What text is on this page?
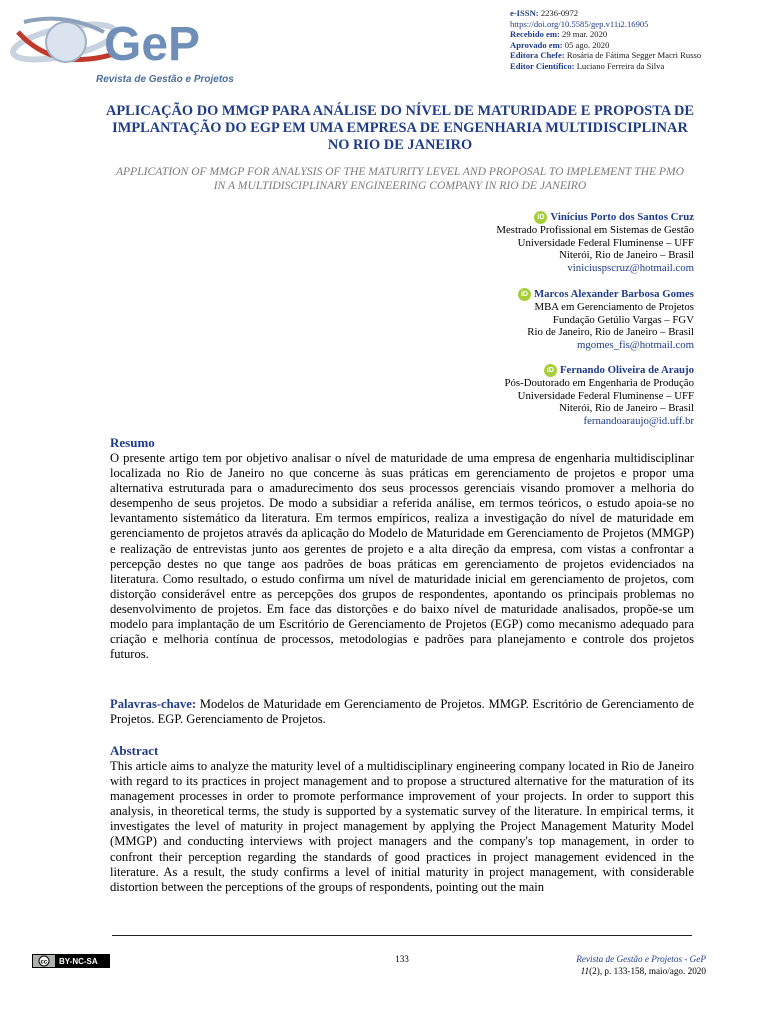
GeP
Revista de Gestão e Projetos
e-ISSN: 2236-0972
https://doi.org/10.5585/gep.v11i2.16905
Recebido em: 29 mar. 2020
Aprovado em: 05 ago. 2020
Editora Chefe: Rosária de Fátima Segger Macri Russo
Editor Científico: Luciano Ferreira da Silva
APLICAÇÃO DO MMGP PARA ANÁLISE DO NÍVEL DE MATURIDADE E PROPOSTA DE IMPLANTAÇÃO DO EGP EM UMA EMPRESA DE ENGENHARIA MULTIDISCIPLINAR NO RIO DE JANEIRO
APPLICATION OF MMGP FOR ANALYSIS OF THE MATURITY LEVEL AND PROPOSAL TO IMPLEMENT THE PMO IN A MULTIDISCIPLINARY ENGINEERING COMPANY IN RIO DE JANEIRO
iD Vinícius Porto dos Santos Cruz
Mestrado Profissional em Sistemas de Gestão
Universidade Federal Fluminense – UFF
Niterói, Rio de Janeiro – Brasil
viniciuspscruz@hotmail.com
iD Marcos Alexander Barbosa Gomes
MBA em Gerenciamento de Projetos
Fundação Getúlio Vargas – FGV
Rio de Janeiro, Rio de Janeiro – Brasil
mgomes_fis@hotmail.com
iD Fernando Oliveira de Araujo
Pós-Doutorado em Engenharia de Produção
Universidade Federal Fluminense – UFF
Niterói, Rio de Janeiro – Brasil
fernandoaraujo@id.uff.br
Resumo
O presente artigo tem por objetivo analisar o nível de maturidade de uma empresa de engenharia multidisciplinar localizada no Rio de Janeiro no que concerne às suas práticas em gerenciamento de projetos e propor uma alternativa estruturada para o amadurecimento dos seus processos gerenciais visando promover a melhoria do desempenho de seus projetos. De modo a subsidiar a referida análise, em termos teóricos, o estudo apoia-se no levantamento sistemático da literatura. Em termos empíricos, realiza a investigação do nível de maturidade em gerenciamento de projetos através da aplicação do Modelo de Maturidade em Gerenciamento de Projetos (MMGP) e realização de entrevistas junto aos gerentes de projeto e a alta direção da empresa, com vistas a confrontar a percepção destes no que tange aos padrões de boas práticas em gerenciamento de projetos evidenciados na literatura. Como resultado, o estudo confirma um nível de maturidade inicial em gerenciamento de projetos, com distorção considerável entre as percepções dos grupos de respondentes, apontando os principais problemas no desenvolvimento de projetos. Em face das distorções e do baixo nível de maturidade analisados, propõe-se um modelo para implantação de um Escritório de Gerenciamento de Projetos (EGP) como mecanismo adequado para criação e melhoria contínua de processos, metodologias e padrões para planejamento e controle dos projetos futuros.
Palavras-chave: Modelos de Maturidade em Gerenciamento de Projetos. MMGP. Escritório de Gerenciamento de Projetos. EGP. Gerenciamento de Projetos.
Abstract
This article aims to analyze the maturity level of a multidisciplinary engineering company located in Rio de Janeiro with regard to its practices in project management and to propose a structured alternative for the maturation of its management processes in order to promote performance improvement of your projects. In order to support this analysis, in theoretical terms, the study is supported by a systematic survey of the literature. In empirical terms, it investigates the level of maturity in project management by applying the Project Management Maturity Model (MMGP) and conducting interviews with project managers and the company's top management, in order to confront their perception regarding the standards of good practices in project management evidenced in the literature. As a result, the study confirms a level of initial maturity in project management, with considerable distortion between the perceptions of the groups of respondents, pointing out the main
cc BY-NC-SA	133	Revista de Gestão e Projetos - GeP
11(2), p. 133-158, maio/ago. 2020
